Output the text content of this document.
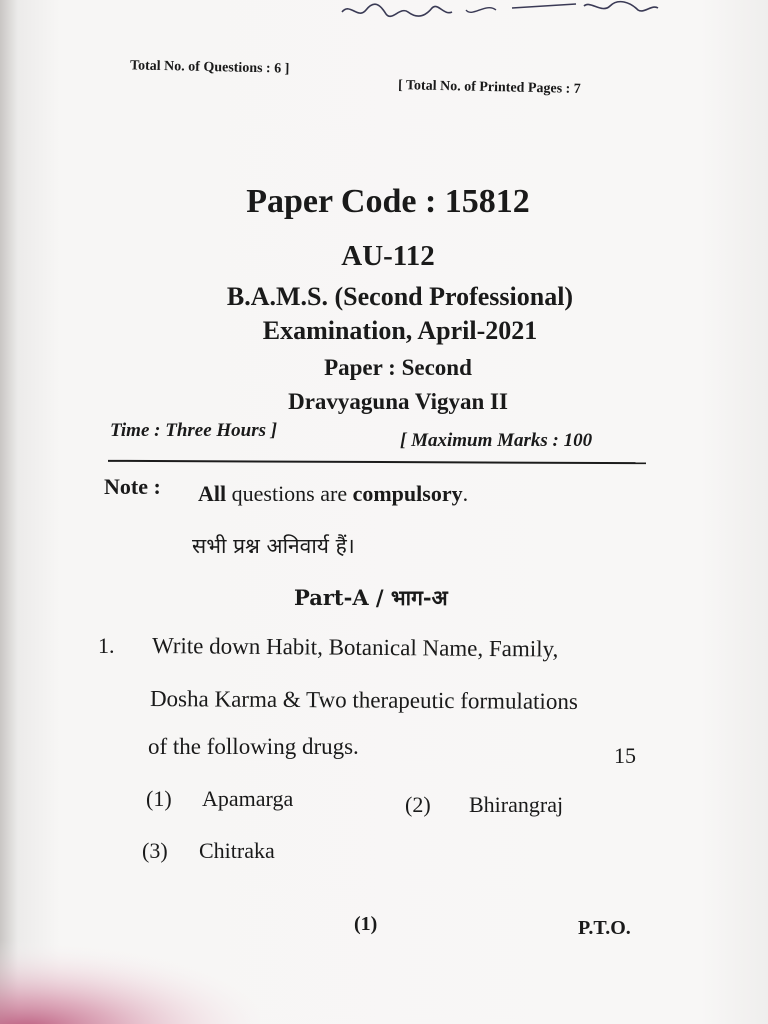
Total No. of Questions : 6 ]
[ Total No. of Printed Pages : 7
Paper Code : 15812
AU-112
B.A.M.S. (Second Professional)
Examination, April-2021
Paper : Second
Dravyaguna Vigyan II
Time : Three Hours ]	[ Maximum Marks : 100
Note : All questions are compulsory.
सभी प्रश्न अनिवार्य हैं।
Part-A / भाग-अ
1. Write down Habit, Botanical Name, Family,
Dosha Karma & Two therapeutic formulations
of the following drugs.	15
(1) Apamarga	(2) Bhirangraj
(3) Chitraka
(1)	P.T.O.
